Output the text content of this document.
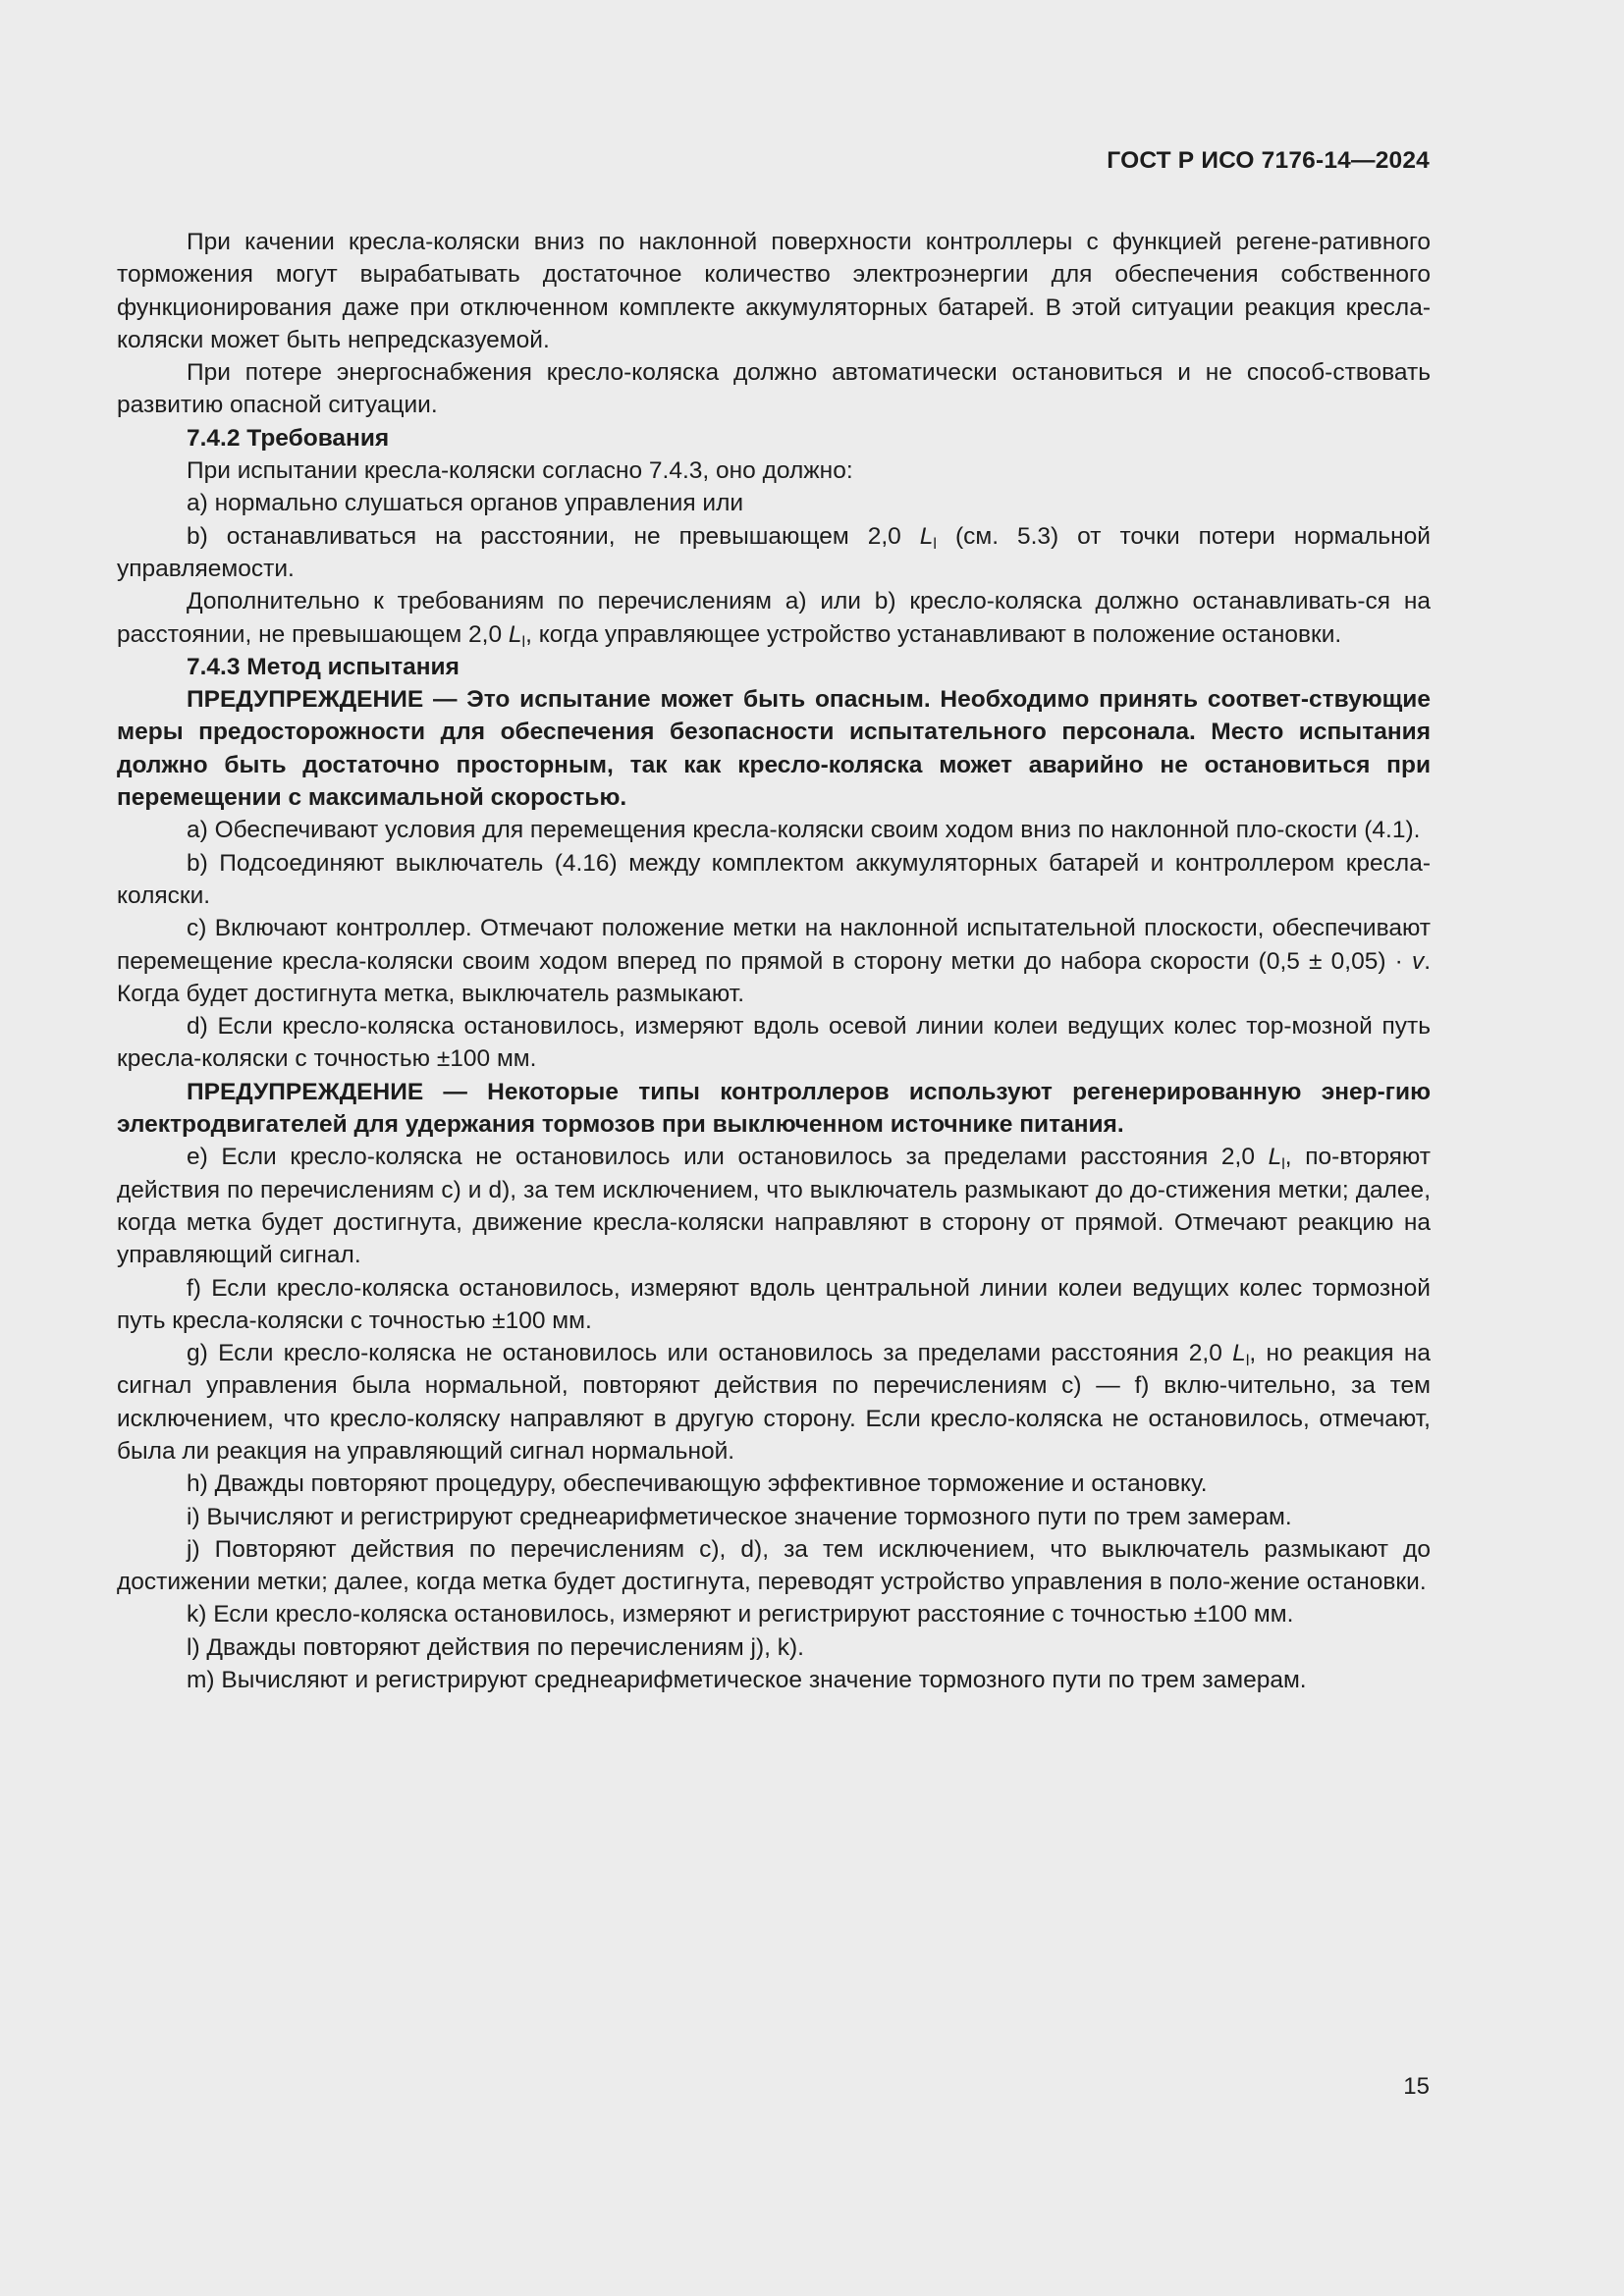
ГОСТ Р ИСО 7176-14—2024

При качении кресла-коляски вниз по наклонной поверхности контроллеры с функцией регене-ративного торможения могут вырабатывать достаточное количество электроэнергии для обеспечения собственного функционирования даже при отключенном комплекте аккумуляторных батарей. В этой ситуации реакция кресла-коляски может быть непредсказуемой.

При потере энергоснабжения кресло-коляска должно автоматически остановиться и не способ-ствовать развитию опасной ситуации.

7.4.2 Требования

При испытании кресла-коляски согласно 7.4.3, оно должно:

a) нормально слушаться органов управления или

b) останавливаться на расстоянии, не превышающем 2,0 $L_l$ (см. 5.3) от точки потери нормальной управляемости.

Дополнительно к требованиям по перечислениям a) или b) кресло-коляска должно останавливать-ся на расстоянии, не превышающем 2,0 $L_l$, когда управляющее устройство устанавливают в положение остановки.

7.4.3 Метод испытания

ПРЕДУПРЕЖДЕНИЕ — Это испытание может быть опасным. Необходимо принять соответ-ствующие меры предосторожности для обеспечения безопасности испытательного персонала. Место испытания должно быть достаточно просторным, так как кресло-коляска может аварийно не остановиться при перемещении с максимальной скоростью.

a) Обеспечивают условия для перемещения кресла-коляски своим ходом вниз по наклонной пло-скости (4.1).

b) Подсоединяют выключатель (4.16) между комплектом аккумуляторных батарей и контроллером кресла-коляски.

c) Включают контроллер. Отмечают положение метки на наклонной испытательной плоскости, обеспечивают перемещение кресла-коляски своим ходом вперед по прямой в сторону метки до набора скорости (0,5 ± 0,05) · v. Когда будет достигнута метка, выключатель размыкают.

d) Если кресло-коляска остановилось, измеряют вдоль осевой линии колеи ведущих колес тор-мозной путь кресла-коляски с точностью ±100 мм.

ПРЕДУПРЕЖДЕНИЕ — Некоторые типы контроллеров используют регенерированную энер-гию электродвигателей для удержания тормозов при выключенном источнике питания.

e) Если кресло-коляска не остановилось или остановилось за пределами расстояния 2,0 $L_l$, по-вторяют действия по перечислениям c) и d), за тем исключением, что выключатель размыкают до до-стижения метки; далее, когда метка будет достигнута, движение кресла-коляски направляют в сторону от прямой. Отмечают реакцию на управляющий сигнал.

f) Если кресло-коляска остановилось, измеряют вдоль центральной линии колеи ведущих колес тормозной путь кресла-коляски с точностью ±100 мм.

g) Если кресло-коляска не остановилось или остановилось за пределами расстояния 2,0 $L_l$, но реакция на сигнал управления была нормальной, повторяют действия по перечислениям c) — f) вклю-чительно, за тем исключением, что кресло-коляску направляют в другую сторону. Если кресло-коляска не остановилось, отмечают, была ли реакция на управляющий сигнал нормальной.

h) Дважды повторяют процедуру, обеспечивающую эффективное торможение и остановку.

i) Вычисляют и регистрируют среднеарифметическое значение тормозного пути по трем замерам.

j) Повторяют действия по перечислениям c), d), за тем исключением, что выключатель размыкают до достижении метки; далее, когда метка будет достигнута, переводят устройство управления в поло-жение остановки.

k) Если кресло-коляска остановилось, измеряют и регистрируют расстояние с точностью ±100 мм.

l) Дважды повторяют действия по перечислениям j), k).

m) Вычисляют и регистрируют среднеарифметическое значение тормозного пути по трем замерам.

15
